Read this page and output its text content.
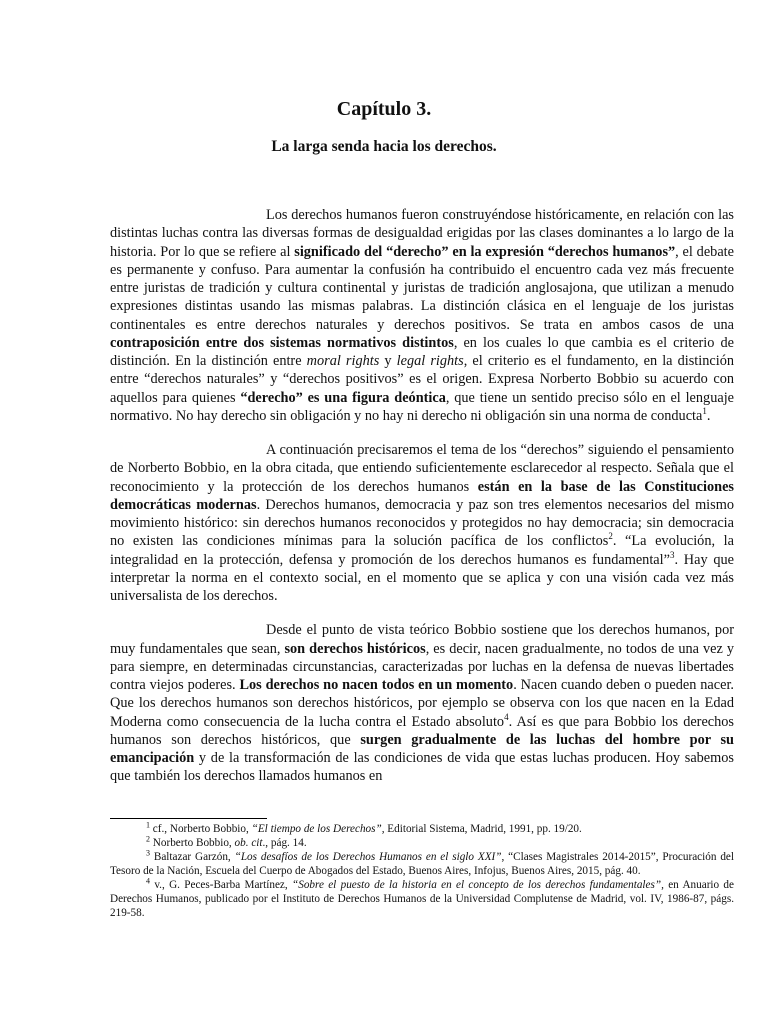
Capítulo 3.
La larga senda hacia los derechos.

Los derechos humanos fueron construyéndose históricamente, en relación con las distintas luchas contra las diversas formas de desigualdad erigidas por las clases dominantes a lo largo de la historia. Por lo que se refiere al significado del “derecho” en la expresión “derechos humanos”, el debate es permanente y confuso. Para aumentar la confusión ha contribuido el encuentro cada vez más frecuente entre juristas de tradición y cultura continental y juristas de tradición anglosajona, que utilizan a menudo expresiones distintas usando las mismas palabras. La distinción clásica en el lenguaje de los juristas continentales es entre derechos naturales y derechos positivos. Se trata en ambos casos de una contraposición entre dos sistemas normativos distintos, en los cuales lo que cambia es el criterio de distinción. En la distinción entre moral rights y legal rights, el criterio es el fundamento, en la distinción entre “derechos naturales” y “derechos positivos” es el origen. Expresa Norberto Bobbio su acuerdo con aquellos para quienes “derecho” es una figura deóntica, que tiene un sentido preciso sólo en el lenguaje normativo. No hay derecho sin obligación y no hay ni derecho ni obligación sin una norma de conducta$^1$.

A continuación precisaremos el tema de los “derechos” siguiendo el pensamiento de Norberto Bobbio, en la obra citada, que entiendo suficientemente esclarecedor al respecto. Señala que el reconocimiento y la protección de los derechos humanos están en la base de las Constituciones democráticas modernas. Derechos humanos, democracia y paz son tres elementos necesarios del mismo movimiento histórico: sin derechos humanos reconocidos y protegidos no hay democracia; sin democracia no existen las condiciones mínimas para la solución pacífica de los conflictos$^2$. “La evolución, la integralidad en la protección, defensa y promoción de los derechos humanos es fundamental”$^3$. Hay que interpretar la norma en el contexto social, en el momento que se aplica y con una visión cada vez más universalista de los derechos.

Desde el punto de vista teórico Bobbio sostiene que los derechos humanos, por muy fundamentales que sean, son derechos históricos, es decir, nacen gradualmente, no todos de una vez y para siempre, en determinadas circunstancias, caracterizadas por luchas en la defensa de nuevas libertades contra viejos poderes. Los derechos no nacen todos en un momento. Nacen cuando deben o pueden nacer. Que los derechos humanos son derechos históricos, por ejemplo se observa con los que nacen en la Edad Moderna como consecuencia de la lucha contra el Estado absoluto$^4$. Así es que para Bobbio los derechos humanos son derechos históricos, que surgen gradualmente de las luchas del hombre por su emancipación y de la transformación de las condiciones de vida que estas luchas producen. Hoy sabemos que también los derechos llamados humanos en

$^1$ cf., Norberto Bobbio, “El tiempo de los Derechos”, Editorial Sistema, Madrid, 1991, pp. 19/20.

$^2$ Norberto Bobbio, ob. cit., pág. 14.

$^3$ Baltazar Garzón, “Los desafíos de los Derechos Humanos en el siglo XXI”, “Clases Magistrales 2014-2015”, Procuración del Tesoro de la Nación, Escuela del Cuerpo de Abogados del Estado, Buenos Aires, Infojus, Buenos Aires, 2015, pág. 40.

$^4$ v., G. Peces-Barba Martínez, “Sobre el puesto de la historia en el concepto de los derechos fundamentales”, en Anuario de Derechos Humanos, publicado por el Instituto de Derechos Humanos de la Universidad Complutense de Madrid, vol. IV, 1986-87, págs. 219-58.
